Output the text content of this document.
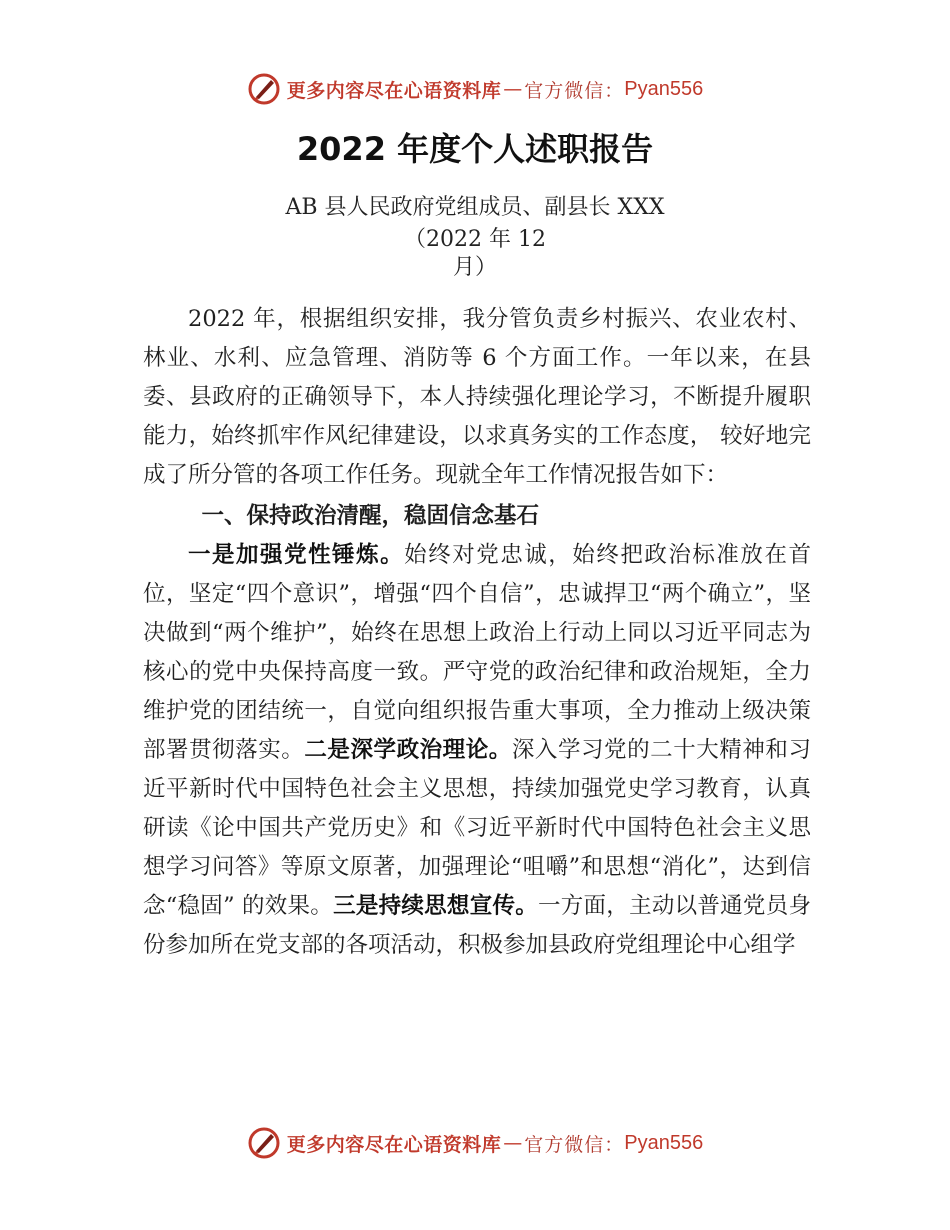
更多内容尽在心语资料库 — 官方微信： Pyan556
2022 年度个人述职报告
AB 县人民政府党组成员、副县长 XXX
（2022 年 12
月）

2022 年，根据组织安排，我分管负责乡村振兴、农业农村、林业、水利、应急管理、消防等 6 个方面工作。一年以来，在县委、县政府的正确领导下，本人持续强化理论学习，不断提升履职能力，始终抓牢作风纪律建设，以求真务实的工作态度， 较好地完成了所分管的各项工作任务。现就全年工作情况报告如下：

一、保持政治清醒，稳固信念基石

一是加强党性锤炼。始终对党忠诚，始终把政治标准放在首位，坚定“四个意识”，增强“四个自信”，忠诚捍卫“两个确立”，坚决做到“两个维护”，始终在思想上政治上行动上同以习近平同志为核心的党中央保持高度一致。严守党的政治纪律和政治规矩，全力维护党的团结统一，自觉向组织报告重大事项，全力推动上级决策部署贯彻落实。二是深学政治理论。深入学习党的二十大精神和习近平新时代中国特色社会主义思想，持续加强党史学习教育，认真研读《论中国共产党历史》和《习近平新时代中国特色社会主义思想学习问答》等原文原著，加强理论“咀嚼”和思想“消化”，达到信念“稳固” 的效果。三是持续思想宣传。一方面，主动以普通党员身份参加所在党支部的各项活动，积极参加县政府党组理论中心组学

更多内容尽在心语资料库 — 官方微信： Pyan556
